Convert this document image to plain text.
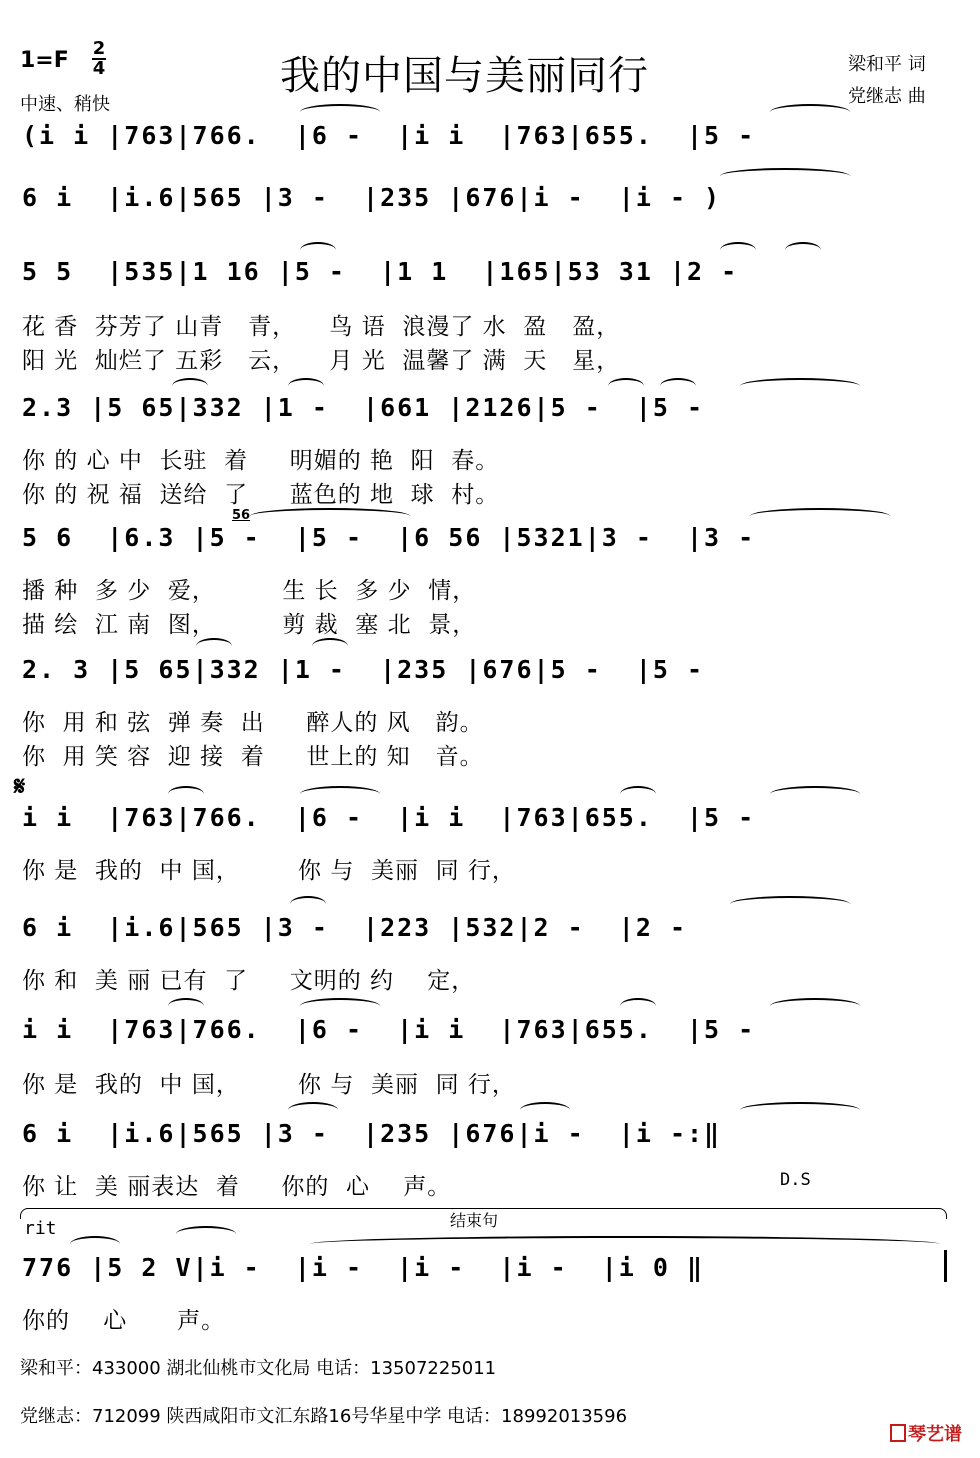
1=F 2
4
中速、稍快
我的中国与美丽同行	梁和平 词
党继志 曲
(i i |763|766.  |6 -  |i i  |763|655.  |5 -
6 i  |i.6|565 |3 -  |235 |676|i -  |i - )
5 5  |535|1 16 |5 -  |1 1  |165|53 31 |2 -
花 香  芬芳了 山青   青，    鸟 语  浪漫了 水  盈   盈，
阳 光  灿烂了 五彩   云，    月 光  温馨了 满  天   星，
2.3 |5 65|332 |1 -  |661 |2126|5 -  |5 -
你 的 心 中  长驻  着     明媚的 艳  阳  春。
你 的 祝 福  送给  了     蓝色的 地  球  村。
56
5 6  |6.3 |5 -  |5 -  |6 56 |5321|3 -  |3 -
播 种  多 少  爱，        生 长  多 少  情，
描 绘  江 南  图，        剪 裁  塞 北  景，
2. 3 |5 65|332 |1 -  |235 |676|5 -  |5 -
你  用 和 弦  弹 奏  出     醉人的 风   韵。
你  用 笑 容  迎 接  着     世上的 知   音。
𝄋
i i  |763|766.  |6 -  |i i  |763|655.  |5 -
你 是  我的  中 国，       你 与  美丽  同 行，
6 i  |i.6|565 |3 -  |223 |532|2 -  |2 -
你 和  美 丽 已有  了     文明的 约    定，
i i  |763|766.  |6 -  |i i  |763|655.  |5 -
你 是  我的  中 国，       你 与  美丽  同 行，
6 i  |i.6|565 |3 -  |235 |676|i -  |i -:‖
你 让  美 丽表达  着     你的  心    声。	D.S
结束句
rit
776 |5 2 V|i -  |i -  |i -  |i -  |i 0 ‖
你的    心      声。
梁和平：433000 湖北仙桃市文化局 电话：13507225011
党继志：712099 陕西咸阳市文汇东路16号华星中学 电话：18992013596
琴艺谱
